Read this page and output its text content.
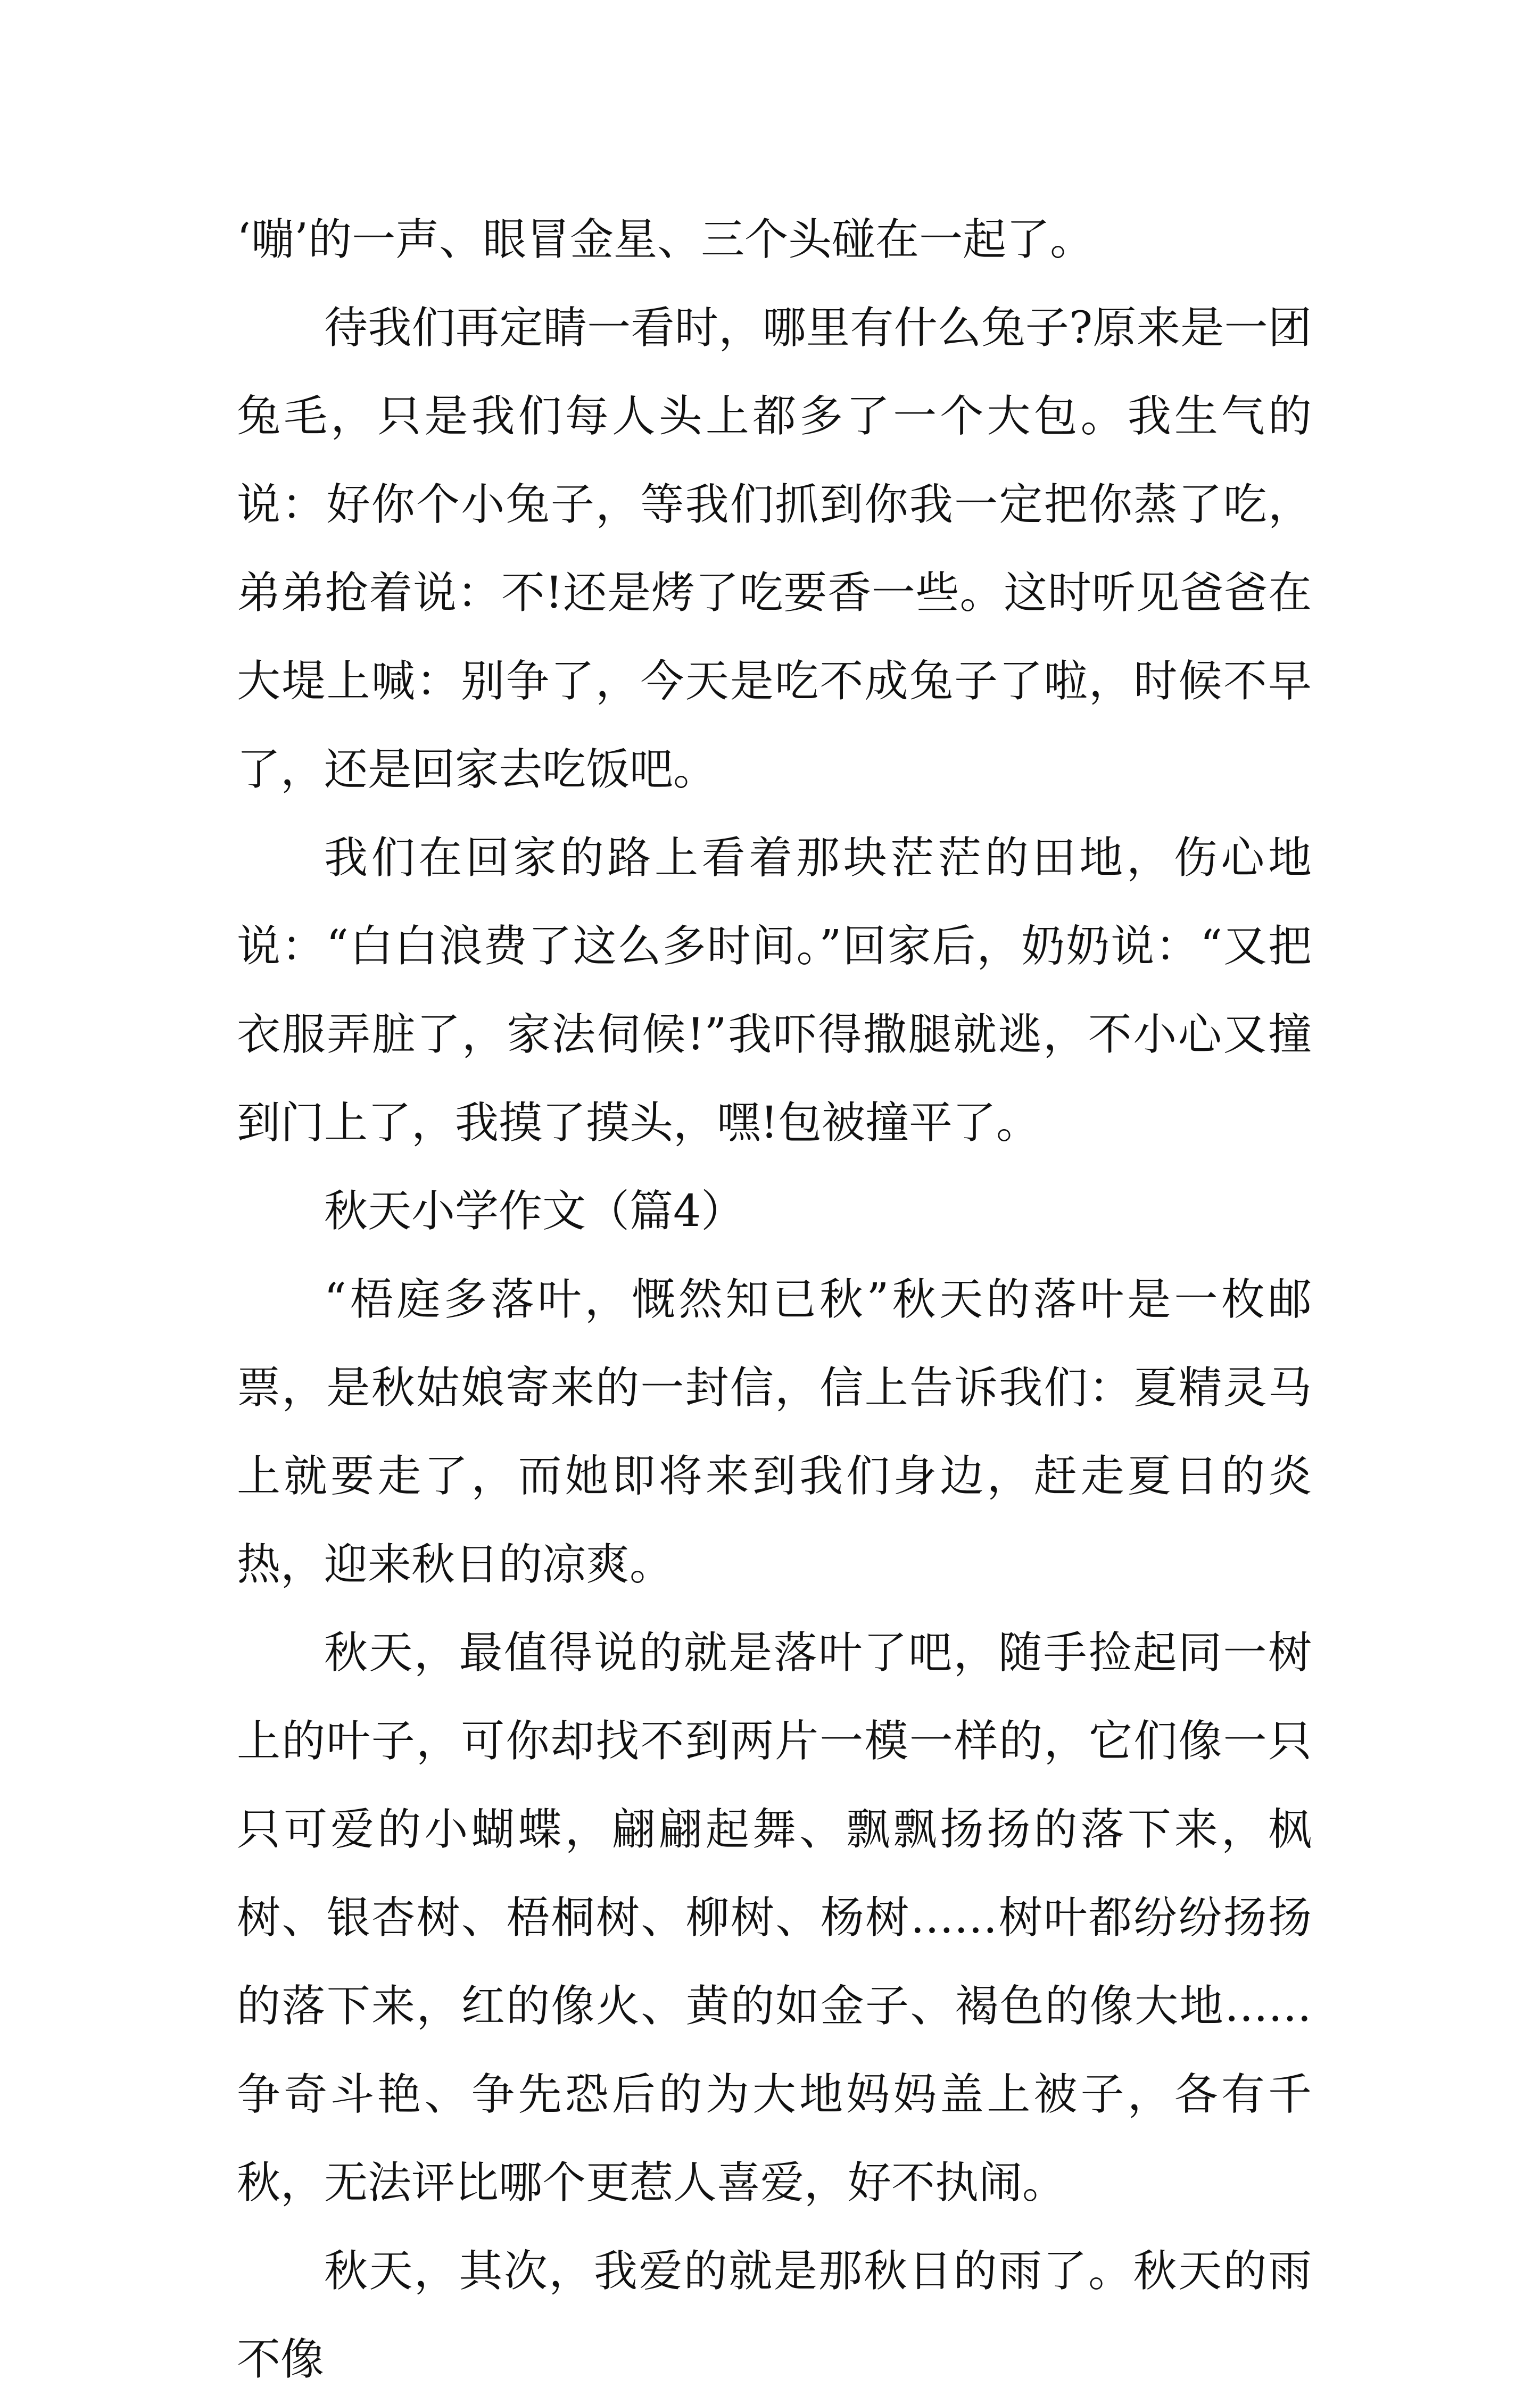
‘嘣’的一声、眼冒金星、三个头碰在一起了。

待我们再定睛一看时，哪里有什么兔子?原来是一团兔毛，只是我们每人头上都多了一个大包。我生气的说：好你个小兔子，等我们抓到你我一定把你蒸了吃，弟弟抢着说：不!还是烤了吃要香一些。这时听见爸爸在大堤上喊：别争了，今天是吃不成兔子了啦，时候不早了，还是回家去吃饭吧。

我们在回家的路上看着那块茫茫的田地，伤心地说：“白白浪费了这么多时间。”回家后，奶奶说：“又把衣服弄脏了，家法伺候!”我吓得撒腿就逃，不小心又撞到门上了，我摸了摸头，嘿!包被撞平了。

秋天小学作文（篇4）

“梧庭多落叶，慨然知已秋”秋天的落叶是一枚邮票，是秋姑娘寄来的一封信，信上告诉我们：夏精灵马上就要走了，而她即将来到我们身边，赶走夏日的炎热，迎来秋日的凉爽。

秋天，最值得说的就是落叶了吧，随手捡起同一树上的叶子，可你却找不到两片一模一样的，它们像一只只可爱的小蝴蝶，翩翩起舞、飘飘扬扬的落下来，枫树、银杏树、梧桐树、柳树、杨树……树叶都纷纷扬扬的落下来，红的像火、黄的如金子、褐色的像大地……争奇斗艳、争先恐后的为大地妈妈盖上被子，各有千秋，无法评比哪个更惹人喜爱，好不执闹。

秋天，其次，我爱的就是那秋日的雨了。秋天的雨不像
